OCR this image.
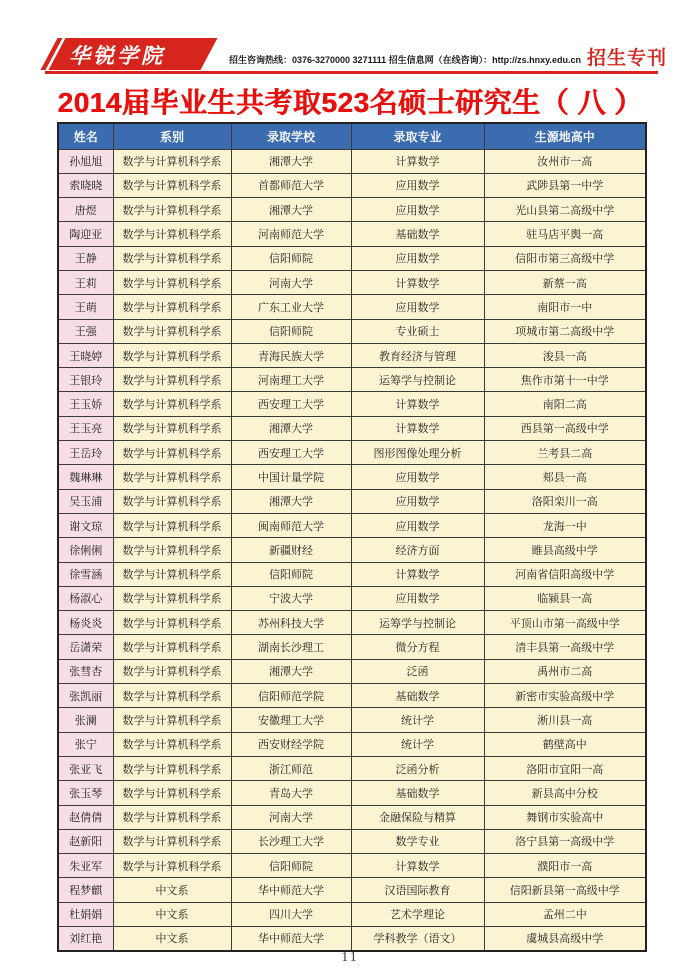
华锐学院	招生咨询热线：0376-3270000 3271111 招生信息网（在线咨询）：http://zs.hnxy.edu.cn 招生专刊
2014届毕业生共考取523名硕士研究生（ 八 ）
姓名	系别	录取学校	录取专业	生源地高中
孙旭旭	数学与计算机科学系	湘潭大学	计算数学	汝州市一高
索晓晓	数学与计算机科学系	首都师范大学	应用数学	武陟县第一中学
唐煜	数学与计算机科学系	湘潭大学	应用数学	光山县第二高级中学
陶迎亚	数学与计算机科学系	河南师范大学	基础数学	驻马店平舆一高
王静	数学与计算机科学系	信阳师院	应用数学	信阳市第三高级中学
王莉	数学与计算机科学系	河南大学	计算数学	新蔡一高
王萌	数学与计算机科学系	广东工业大学	应用数学	南阳市一中
王强	数学与计算机科学系	信阳师院	专业硕士	项城市第二高级中学
王晓婷	数学与计算机科学系	青海民族大学	教育经济与管理	浚县一高
王银玲	数学与计算机科学系	河南理工大学	运筹学与控制论	焦作市第十一中学
王玉娇	数学与计算机科学系	西安理工大学	计算数学	南阳二高
王玉亮	数学与计算机科学系	湘潭大学	计算数学	西县第一高级中学
王岳玲	数学与计算机科学系	西安理工大学	图形图像处理分析	兰考县二高
魏琳琳	数学与计算机科学系	中国计量学院	应用数学	郏县一高
吴玉浦	数学与计算机科学系	湘潭大学	应用数学	洛阳栾川一高
谢文琼	数学与计算机科学系	闽南师范大学	应用数学	龙海一中
徐俐俐	数学与计算机科学系	新疆财经	经济方面	睢县高级中学
徐雪涵	数学与计算机科学系	信阳师院	计算数学	河南省信阳高级中学
杨淑心	数学与计算机科学系	宁波大学	应用数学	临颍县一高
杨炎炎	数学与计算机科学系	苏州科技大学	运筹学与控制论	平顶山市第一高级中学
岳潇荣	数学与计算机科学系	湖南长沙理工	微分方程	清丰县第一高级中学
张彗杏	数学与计算机科学系	湘潭大学	泛函	禹州市二高
张凯丽	数学与计算机科学系	信阳师范学院	基础数学	新密市实验高级中学
张澜	数学与计算机科学系	安徽理工大学	统计学	淅川县一高
张宁	数学与计算机科学系	西安财经学院	统计学	鹤壁高中
张亚飞	数学与计算机科学系	浙江师范	泛函分析	洛阳市宜阳一高
张玉琴	数学与计算机科学系	青岛大学	基础数学	新县高中分校
赵倩倩	数学与计算机科学系	河南大学	金融保险与精算	舞钢市实验高中
赵新阳	数学与计算机科学系	长沙理工大学	数学专业	洛宁县第一高级中学
朱亚军	数学与计算机科学系	信阳师院	计算数学	濮阳市一高
程梦麒	中文系	华中师范大学	汉语国际教育	信阳新县第一高级中学
杜娟娟	中文系	四川大学	艺术学理论	孟州二中
刘红艳	中文系	华中师范大学	学科教学（语文）	虞城县高级中学
11
